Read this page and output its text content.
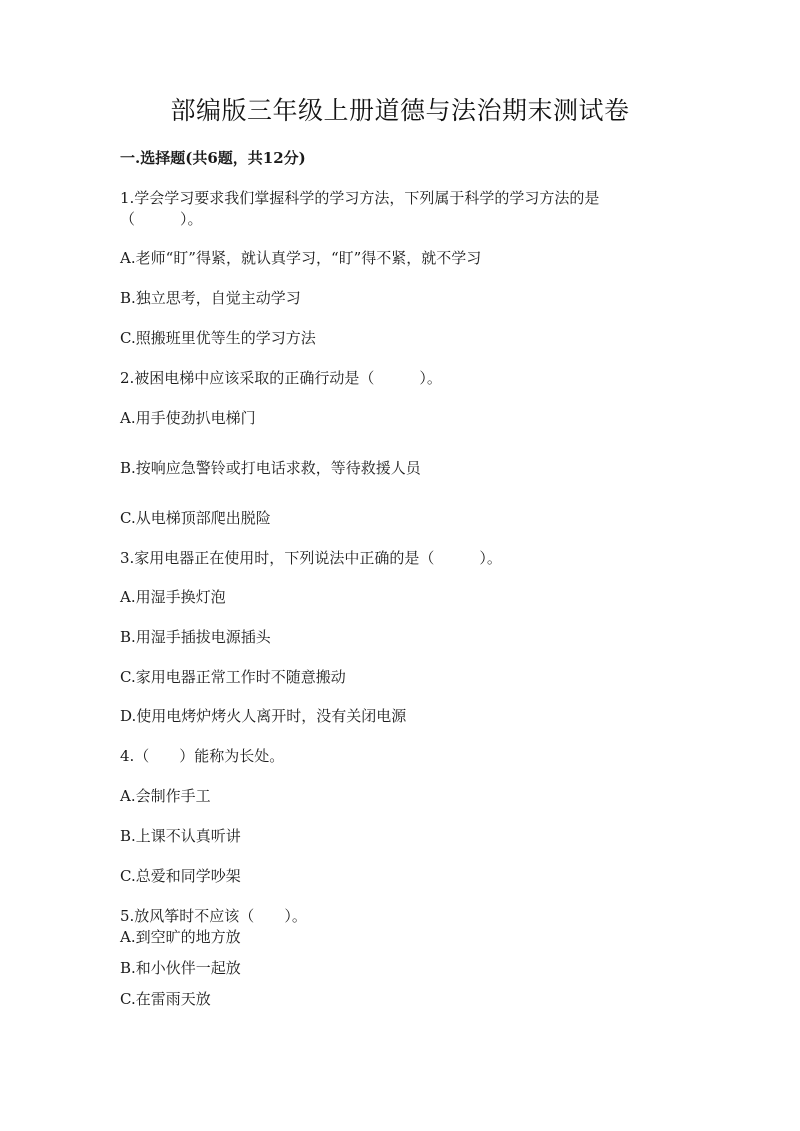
部编版三年级上册道德与法治期末测试卷
一.选择题(共6题，共12分)
1.学会学习要求我们掌握科学的学习方法，下列属于科学的学习方法的是
（　　　）。
A.老师“盯”得紧，就认真学习，“盯”得不紧，就不学习
B.独立思考，自觉主动学习
C.照搬班里优等生的学习方法
2.被困电梯中应该采取的正确行动是（　　　）。
A.用手使劲扒电梯门
B.按响应急警铃或打电话求救，等待救援人员
C.从电梯顶部爬出脱险
3.家用电器正在使用时，下列说法中正确的是（　　　）。
A.用湿手换灯泡
B.用湿手插拔电源插头
C.家用电器正常工作时不随意搬动
D.使用电烤炉烤火人离开时，没有关闭电源
4.（　　）能称为长处。
A.会制作手工
B.上课不认真听讲
C.总爱和同学吵架
5.放风筝时不应该（　　）。
A.到空旷的地方放
B.和小伙伴一起放
C.在雷雨天放
